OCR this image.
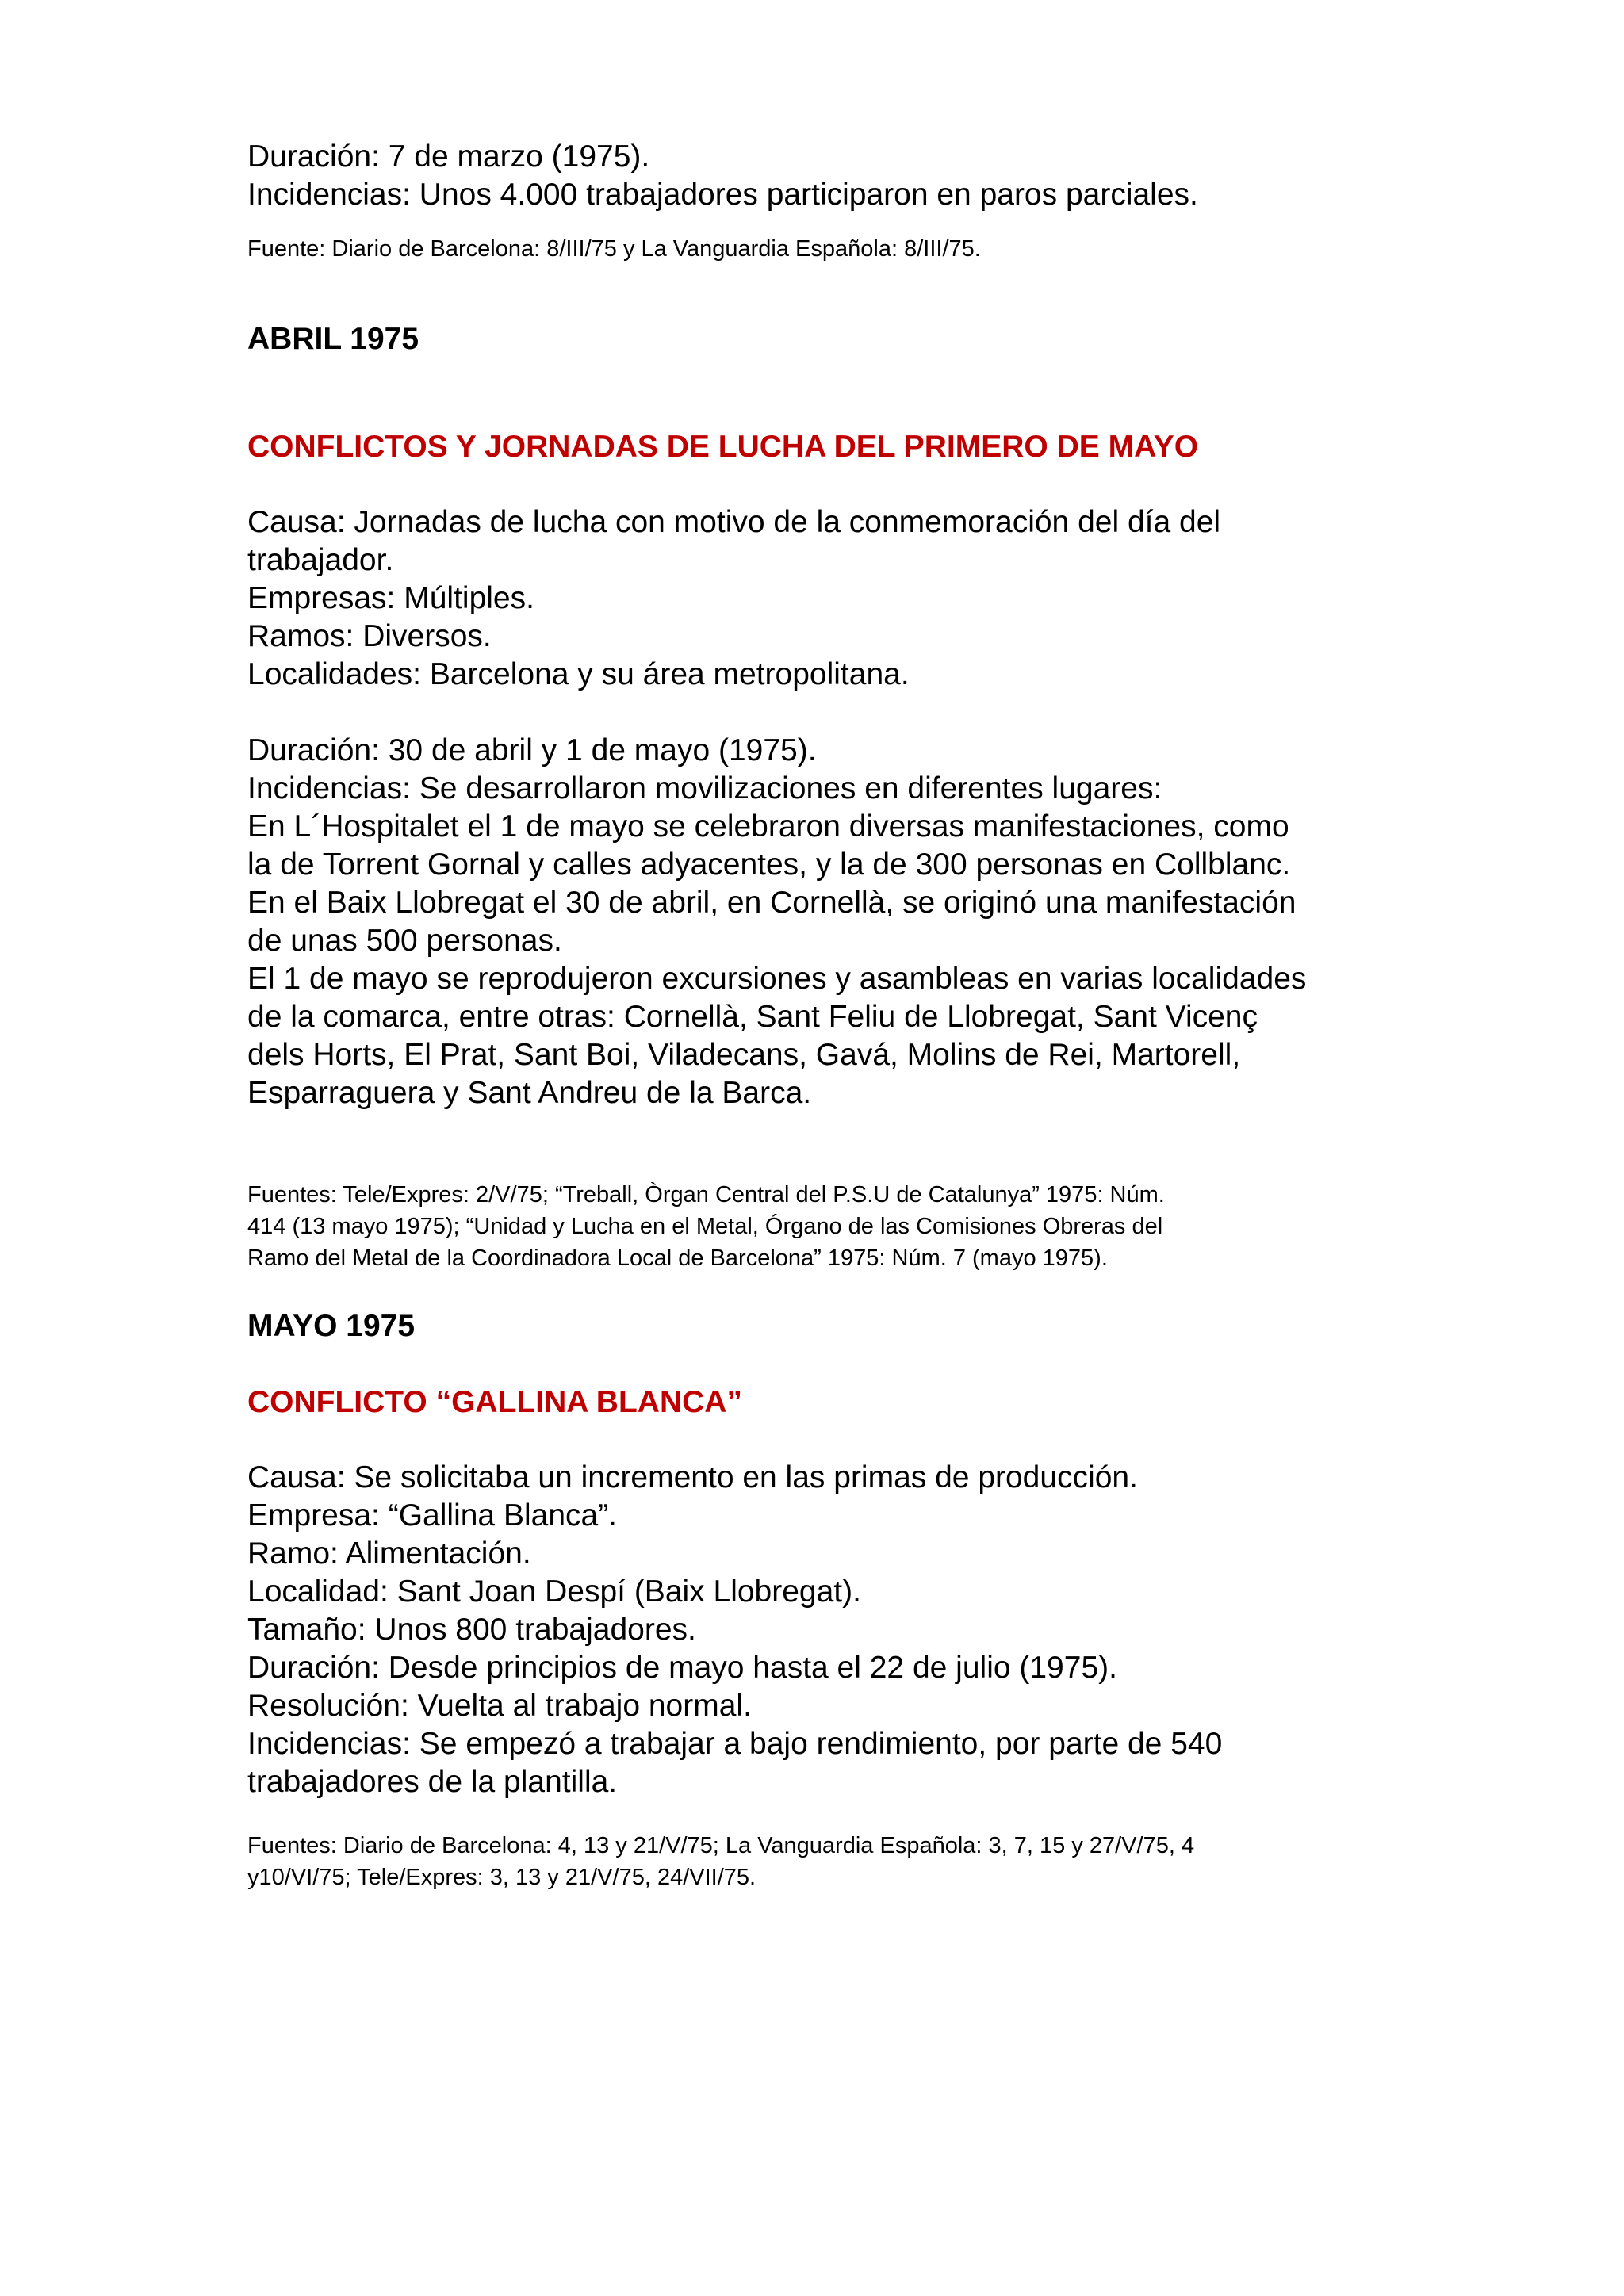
Duración: 7 de marzo (1975).
Incidencias: Unos 4.000 trabajadores participaron en paros parciales.
Fuente: Diario de Barcelona: 8/III/75 y La Vanguardia Española: 8/III/75.
ABRIL 1975
CONFLICTOS Y JORNADAS DE LUCHA DEL PRIMERO DE MAYO
Causa: Jornadas de lucha con motivo de la conmemoración del día del
trabajador.
Empresas: Múltiples.
Ramos: Diversos.
Localidades: Barcelona y su área metropolitana.
Duración: 30 de abril y 1 de mayo (1975).
Incidencias: Se desarrollaron movilizaciones en diferentes lugares:
En L´Hospitalet el 1 de mayo se celebraron diversas manifestaciones, como
la de Torrent Gornal y calles adyacentes, y la de 300 personas en Collblanc.
En el Baix Llobregat el 30 de abril, en Cornellà, se originó una manifestación
de unas 500 personas.
El 1 de mayo se reprodujeron excursiones y asambleas en varias localidades
de la comarca, entre otras: Cornellà, Sant Feliu de Llobregat, Sant Vicenç
dels Horts, El Prat, Sant Boi, Viladecans, Gavá, Molins de Rei, Martorell,
Esparraguera y Sant Andreu de la Barca.
Fuentes: Tele/Expres: 2/V/75; “Treball, Òrgan Central del P.S.U de Catalunya” 1975: Núm.
414 (13 mayo 1975); “Unidad y Lucha en el Metal, Órgano de las Comisiones Obreras del
Ramo del Metal de la Coordinadora Local de Barcelona” 1975: Núm. 7 (mayo 1975).
MAYO 1975
CONFLICTO “GALLINA BLANCA”
Causa: Se solicitaba un incremento en las primas de producción.
Empresa: “Gallina Blanca”.
Ramo: Alimentación.
Localidad: Sant Joan Despí (Baix Llobregat).
Tamaño: Unos 800 trabajadores.
Duración: Desde principios de mayo hasta el 22 de julio (1975).
Resolución: Vuelta al trabajo normal.
Incidencias: Se empezó a trabajar a bajo rendimiento, por parte de 540
trabajadores de la plantilla.
Fuentes: Diario de Barcelona: 4, 13 y 21/V/75; La Vanguardia Española: 3, 7, 15 y 27/V/75, 4
y10/VI/75; Tele/Expres: 3, 13 y 21/V/75, 24/VII/75.
